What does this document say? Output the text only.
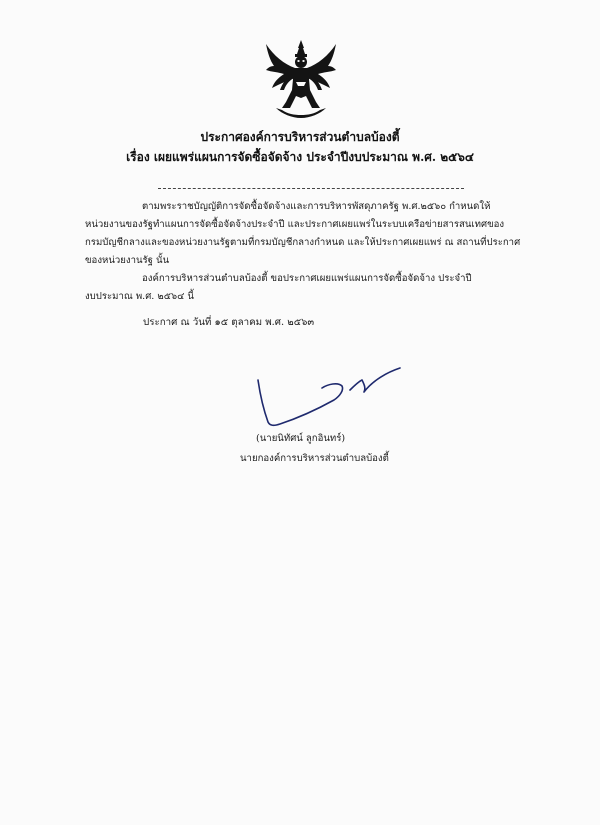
ประกาศองค์การบริหารส่วนตำบลบ้องตี้
เรื่อง เผยแพร่แผนการจัดซื้อจัดจ้าง ประจำปีงบประมาณ พ.ศ. ๒๕๖๔
ตามพระราชบัญญัติการจัดซื้อจัดจ้างและการบริหารพัสดุภาครัฐ พ.ศ.๒๕๖๐ กำหนดให้
หน่วยงานของรัฐทำแผนการจัดซื้อจัดจ้างประจำปี และประกาศเผยแพร่ในระบบเครือข่ายสารสนเทศของ
กรมบัญชีกลางและของหน่วยงานรัฐตามที่กรมบัญชีกลางกำหนด และให้ประกาศเผยแพร่ ณ สถานที่ประกาศ
ของหน่วยงานรัฐ นั้น
องค์การบริหารส่วนตำบลบ้องตี้ ขอประกาศเผยแพร่แผนการจัดซื้อจัดจ้าง ประจำปี
งบประมาณ พ.ศ. ๒๕๖๔ นี้
ประกาศ ณ วันที่ ๑๕ ตุลาคม พ.ศ. ๒๕๖๓
(นายนิทัศน์ ลูกอินทร์)
นายกองค์การบริหารส่วนตำบลบ้องตี้
